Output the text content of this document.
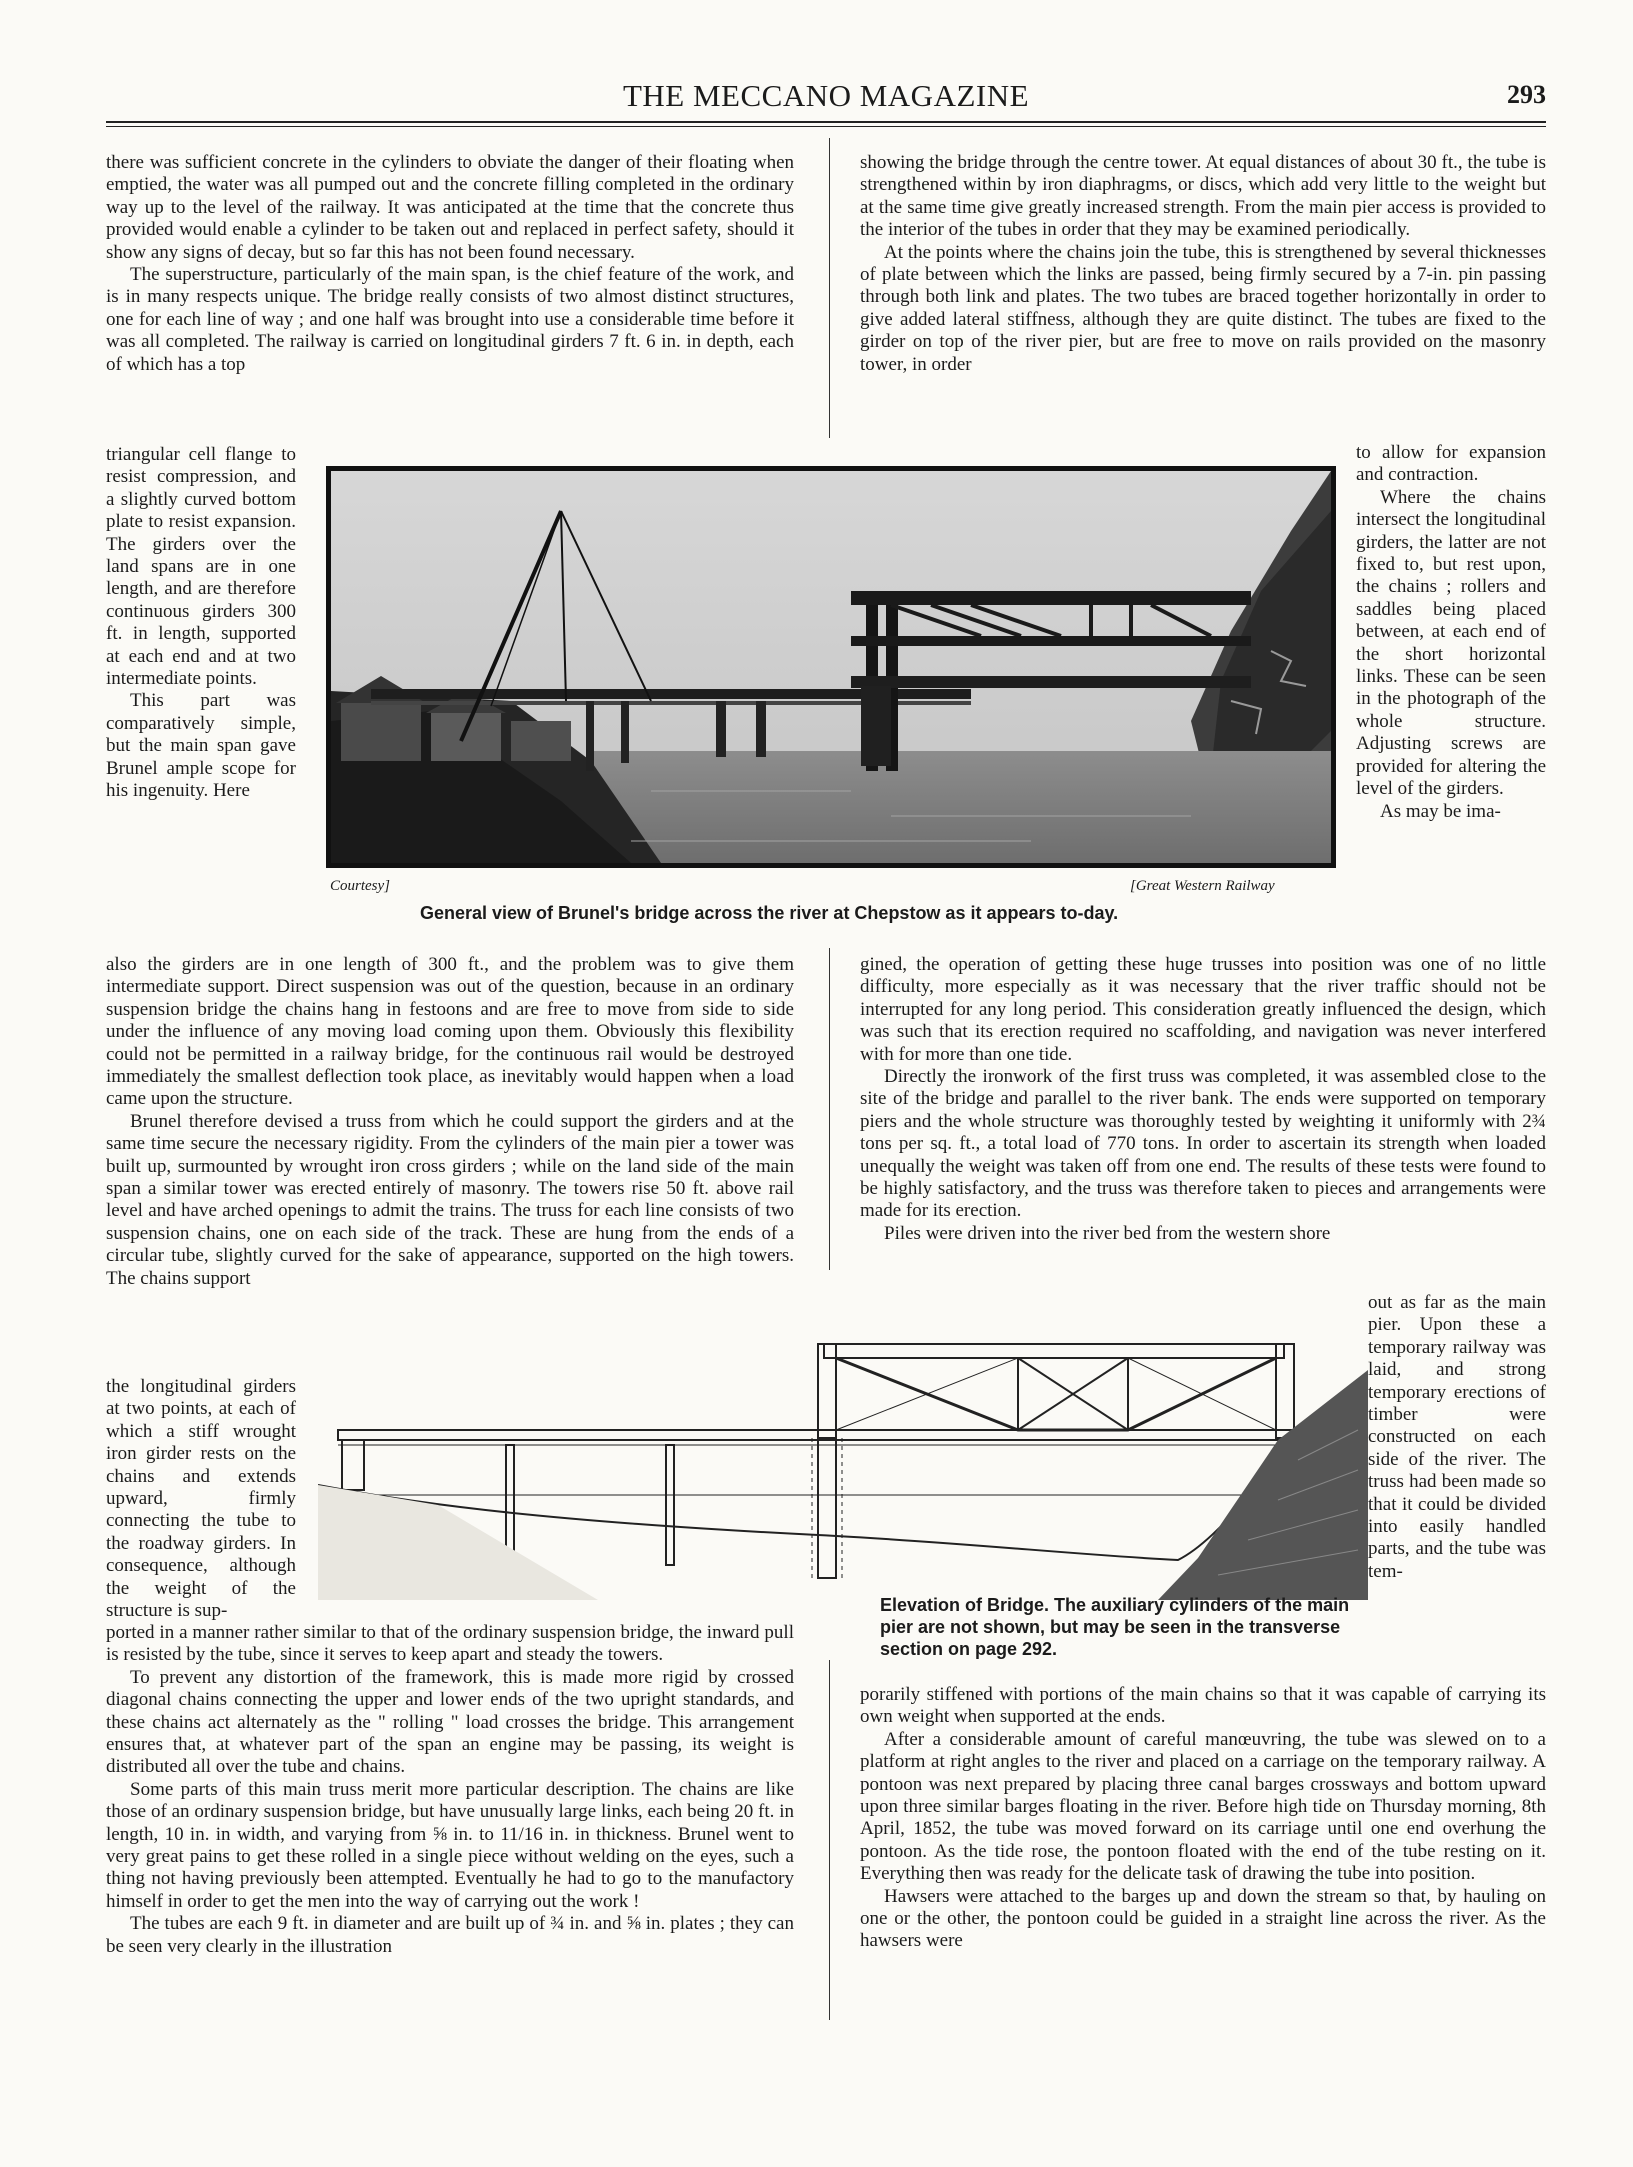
THE MECCANO MAGAZINE	293

there was sufficient concrete in the cylinders to obviate the danger of their floating when emptied, the water was all pumped out and the concrete filling completed in the ordinary way up to the level of the railway. It was anticipated at the time that the concrete thus provided would enable a cylinder to be taken out and replaced in perfect safety, should it show any signs of decay, but so far this has not been found necessary.

The superstructure, particularly of the main span, is the chief feature of the work, and is in many respects unique. The bridge really consists of two almost distinct structures, one for each line of way ; and one half was brought into use a considerable time before it was all completed. The railway is carried on longitudinal girders 7 ft. 6 in. in depth, each of which has a top

triangular cell flange to resist compression, and a slightly curved bottom plate to resist expansion. The girders over the land spans are in one length, and are therefore continuous girders 300 ft. in length, supported at each end and at two intermediate points.

This part was comparatively simple, but the main span gave Brunel ample scope for his ingenuity. Here

also the girders are in one length of 300 ft., and the problem was to give them intermediate support. Direct suspension was out of the question, because in an ordinary suspension bridge the chains hang in festoons and are free to move from side to side under the influence of any moving load coming upon them. Obviously this flexibility could not be permitted in a railway bridge, for the continuous rail would be destroyed immediately the smallest deflection took place, as inevitably would happen when a load came upon the structure.

Brunel therefore devised a truss from which he could support the girders and at the same time secure the necessary rigidity. From the cylinders of the main pier a tower was built up, surmounted by wrought iron cross girders ; while on the land side of the main span a similar tower was erected entirely of masonry. The towers rise 50 ft. above rail level and have arched openings to admit the trains. The truss for each line consists of two suspension chains, one on each side of the track. These are hung from the ends of a circular tube, slightly curved for the sake of appearance, supported on the high towers. The chains support

the longitudinal girders at two points, at each of which a stiff wrought iron girder rests on the chains and extends upward, firmly connecting the tube to the roadway girders. In consequence, although the weight of the structure is sup-

ported in a manner rather similar to that of the ordinary suspension bridge, the inward pull is resisted by the tube, since it serves to keep apart and steady the towers.

To prevent any distortion of the framework, this is made more rigid by crossed diagonal chains connecting the upper and lower ends of the two upright standards, and these chains act alternately as the " rolling " load crosses the bridge. This arrangement ensures that, at whatever part of the span an engine may be passing, its weight is distributed all over the tube and chains.

Some parts of this main truss merit more particular description. The chains are like those of an ordinary suspension bridge, but have unusually large links, each being 20 ft. in length, 10 in. in width, and varying from ⅝ in. to 11/16 in. in thickness. Brunel went to very great pains to get these rolled in a single piece without welding on the eyes, such a thing not having previously been attempted. Eventually he had to go to the manufactory himself in order to get the men into the way of carrying out the work !

The tubes are each 9 ft. in diameter and are built up of ¾ in. and ⅝ in. plates ; they can be seen very clearly in the illustration

showing the bridge through the centre tower. At equal distances of about 30 ft., the tube is strengthened within by iron diaphragms, or discs, which add very little to the weight but at the same time give greatly increased strength. From the main pier access is provided to the interior of the tubes in order that they may be examined periodically.

At the points where the chains join the tube, this is strengthened by several thicknesses of plate between which the links are passed, being firmly secured by a 7-in. pin passing through both link and plates. The two tubes are braced together horizontally in order to give added lateral stiffness, although they are quite distinct. The tubes are fixed to the girder on top of the river pier, but are free to move on rails provided on the masonry tower, in order

to allow for expansion and contraction.

Where the chains intersect the longitudinal girders, the latter are not fixed to, but rest upon, the chains ; rollers and saddles being placed between, at each end of the short horizontal links. These can be seen in the photograph of the whole structure. Adjusting screws are provided for altering the level of the girders.

As may be ima-

gined, the operation of getting these huge trusses into position was one of no little difficulty, more especially as it was necessary that the river traffic should not be interrupted for any long period. This consideration greatly influenced the design, which was such that its erection required no scaffolding, and navigation was never interfered with for more than one tide.

Directly the ironwork of the first truss was completed, it was assembled close to the site of the bridge and parallel to the river bank. The ends were supported on temporary piers and the whole structure was thoroughly tested by weighting it uniformly with 2¾ tons per sq. ft., a total load of 770 tons. In order to ascertain its strength when loaded unequally the weight was taken off from one end. The results of these tests were found to be highly satisfactory, and the truss was therefore taken to pieces and arrangements were made for its erection.

Piles were driven into the river bed from the western shore

out as far as the main pier. Upon these a temporary railway was laid, and strong temporary erections of timber were constructed on each side of the river. The truss had been made so that it could be divided into easily handled parts, and the tube was tem-

porarily stiffened with portions of the main chains so that it was capable of carrying its own weight when supported at the ends.

After a considerable amount of careful manœuvring, the tube was slewed on to a platform at right angles to the river and placed on a carriage on the temporary railway. A pontoon was next prepared by placing three canal barges crossways and bottom upward upon three similar barges floating in the river. Before high tide on Thursday morning, 8th April, 1852, the tube was moved forward on its carriage until one end overhung the pontoon. As the tide rose, the pontoon floated with the end of the tube resting on it. Everything then was ready for the delicate task of drawing the tube into position.

Hawsers were attached to the barges up and down the stream so that, by hauling on one or the other, the pontoon could be guided in a straight line across the river. As the hawsers were

Courtesy]	[Great Western Railway
General view of Brunel's bridge across the river at Chepstow as it appears to-day.
Elevation of Bridge. The auxiliary cylinders of the main pier are not shown, but may be seen in the transverse section on page 292.
